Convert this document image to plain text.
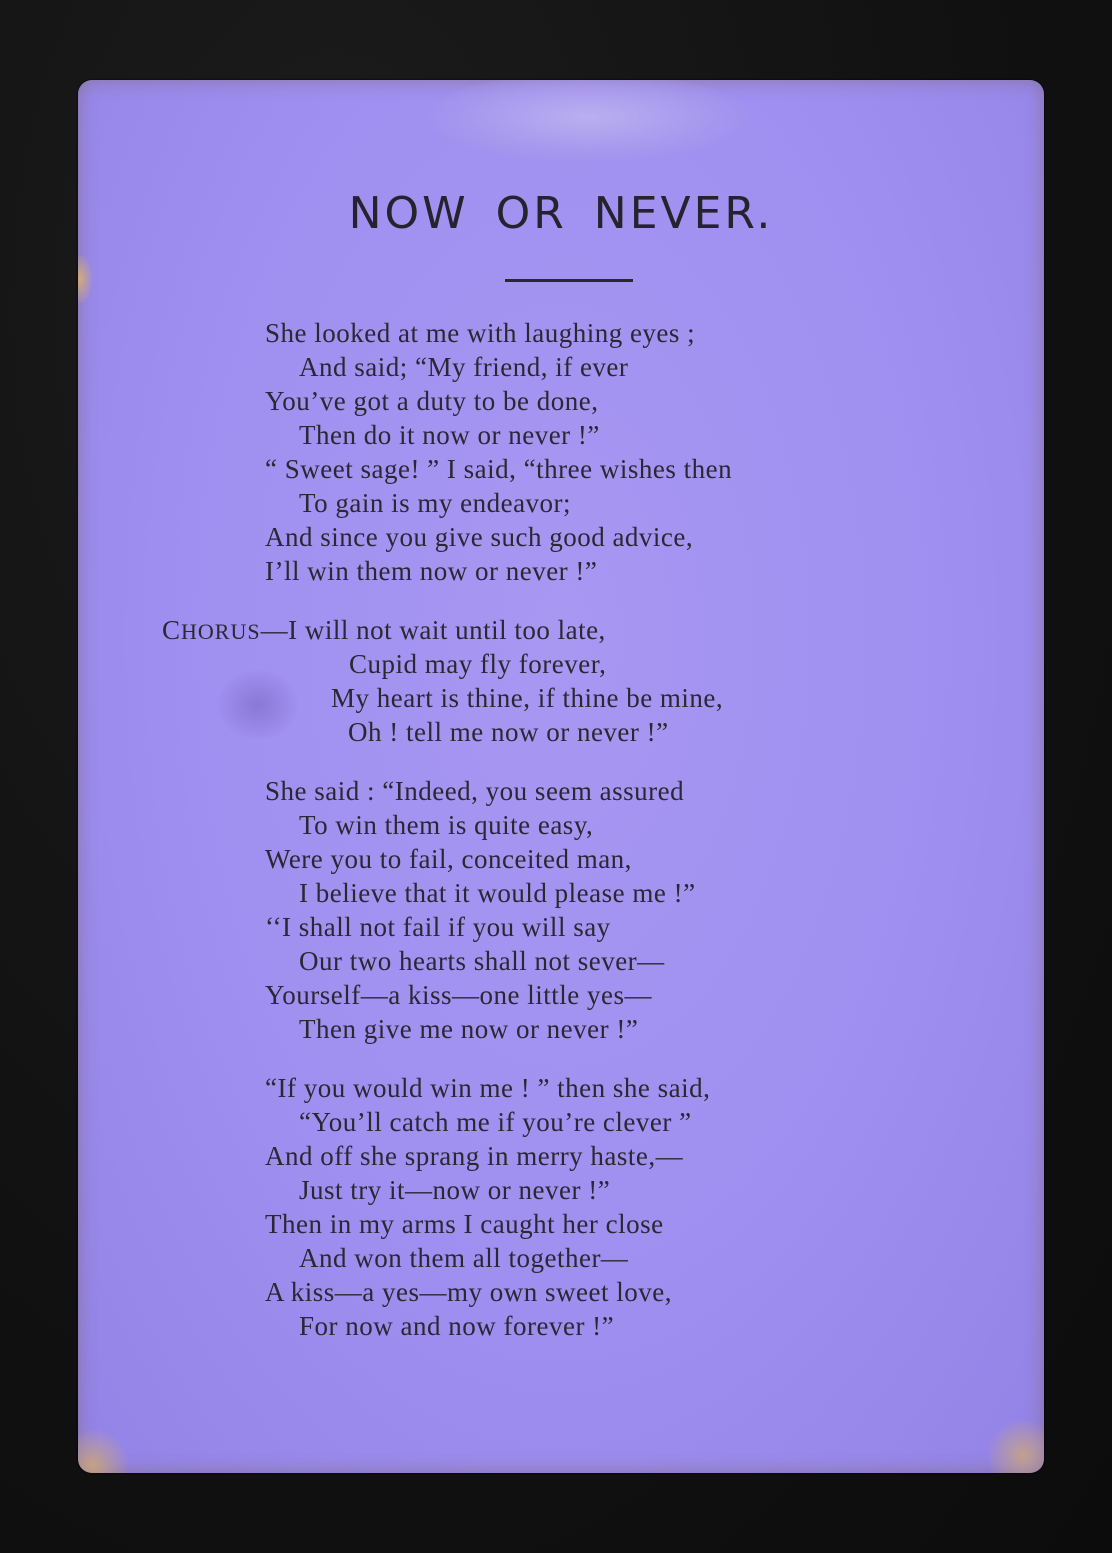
NOW OR NEVER.
She looked at me with laughing eyes ;
And said; “My friend, if ever
You’ve got a duty to be done,
Then do it now or never !”
“ Sweet sage! ” I said, “three wishes then
To gain is my endeavor;
And since you give such good advice,
I’ll win them now or never !”
CHORUS—I will not wait until too late,
Cupid may fly forever,
My heart is thine, if thine be mine,
Oh ! tell me now or never !”
She said : “Indeed, you seem assured
To win them is quite easy,
Were you to fail, conceited man,
I believe that it would please me !”
‘‘I shall not fail if you will say
Our two hearts shall not sever—
Yourself—a kiss—one little yes—
Then give me now or never !”
“If you would win me ! ” then she said,
“You’ll catch me if you’re clever ”
And off she sprang in merry haste,—
Just try it—now or never !”
Then in my arms I caught her close
And won them all together—
A kiss—a yes—my own sweet love,
For now and now forever !”
